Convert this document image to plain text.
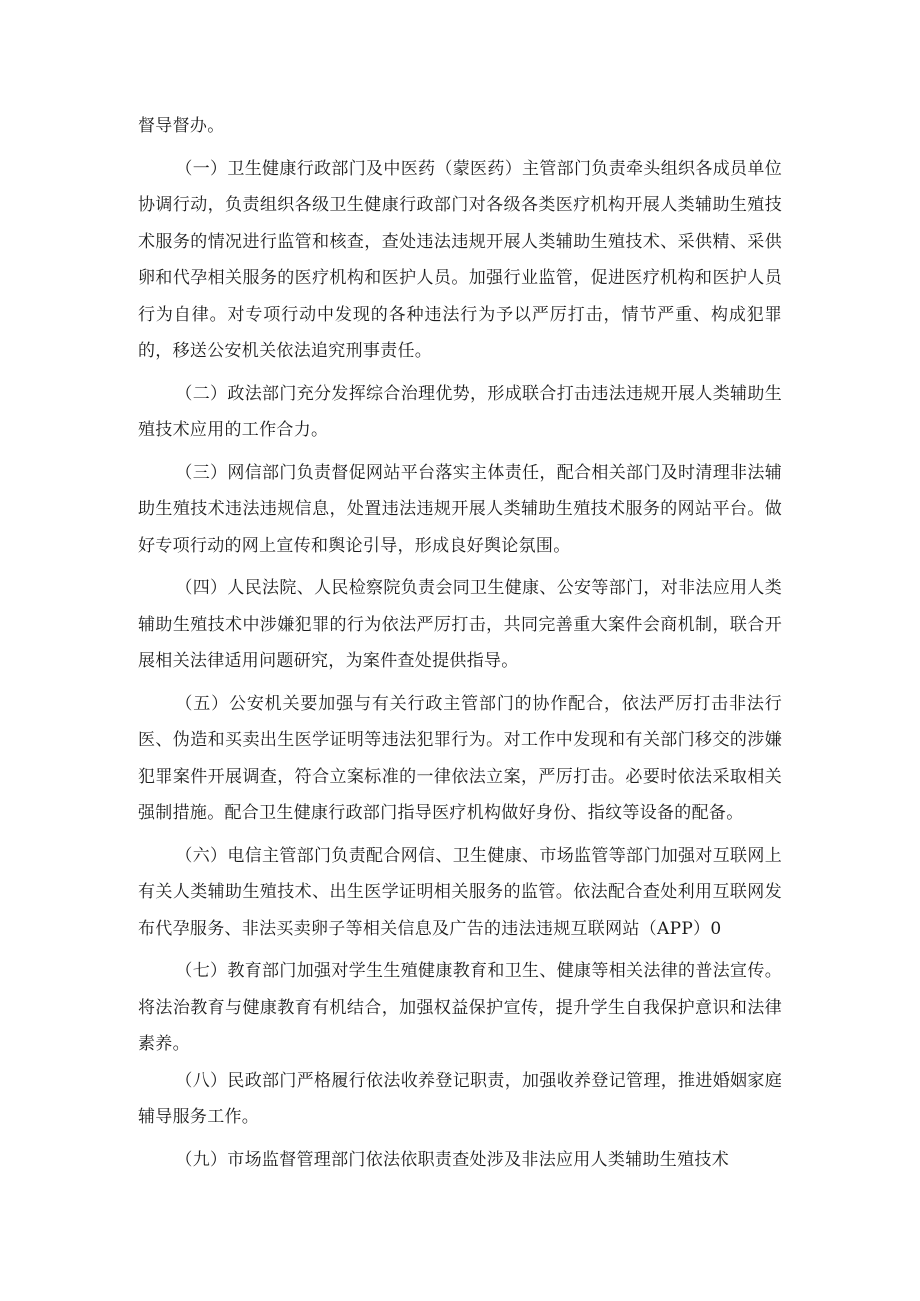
督导督办。

（一）卫生健康行政部门及中医药（蒙医药）主管部门负责牵头组织各成员单位协调行动，负责组织各级卫生健康行政部门对各级各类医疗机构开展人类辅助生殖技术服务的情况进行监管和核查，查处违法违规开展人类辅助生殖技术、采供精、采供卵和代孕相关服务的医疗机构和医护人员。加强行业监管，促进医疗机构和医护人员行为自律。对专项行动中发现的各种违法行为予以严厉打击，情节严重、构成犯罪的，移送公安机关依法追究刑事责任。

（二）政法部门充分发挥综合治理优势，形成联合打击违法违规开展人类辅助生殖技术应用的工作合力。

（三）网信部门负责督促网站平台落实主体责任，配合相关部门及时清理非法辅助生殖技术违法违规信息，处置违法违规开展人类辅助生殖技术服务的网站平台。做好专项行动的网上宣传和舆论引导，形成良好舆论氛围。

（四）人民法院、人民检察院负责会同卫生健康、公安等部门，对非法应用人类辅助生殖技术中涉嫌犯罪的行为依法严厉打击，共同完善重大案件会商机制，联合开展相关法律适用问题研究，为案件查处提供指导。

（五）公安机关要加强与有关行政主管部门的协作配合，依法严厉打击非法行医、伪造和买卖出生医学证明等违法犯罪行为。对工作中发现和有关部门移交的涉嫌犯罪案件开展调查，符合立案标准的一律依法立案，严厉打击。必要时依法采取相关强制措施。配合卫生健康行政部门指导医疗机构做好身份、指纹等设备的配备。

（六）电信主管部门负责配合网信、卫生健康、市场监管等部门加强对互联网上有关人类辅助生殖技术、出生医学证明相关服务的监管。依法配合查处利用互联网发布代孕服务、非法买卖卵子等相关信息及广告的违法违规互联网站（APP）0

（七）教育部门加强对学生生殖健康教育和卫生、健康等相关法律的普法宣传。将法治教育与健康教育有机结合，加强权益保护宣传，提升学生自我保护意识和法律素养。

（八）民政部门严格履行依法收养登记职责，加强收养登记管理，推进婚姻家庭辅导服务工作。

（九）市场监督管理部门依法依职责查处涉及非法应用人类辅助生殖技术
